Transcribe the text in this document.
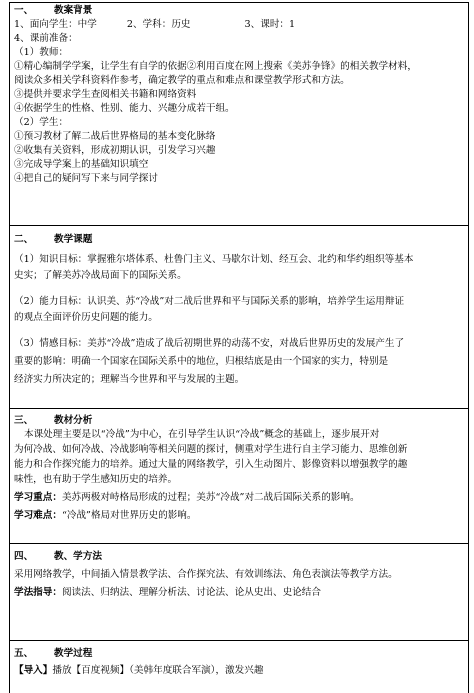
一、 教案背景
1、面向学生：中学	2、学科：历史	3、课时：1
4、课前准备：
（1）教师：
①精心编制学学案，让学生有自学的依据②利用百度在网上搜索《美苏争锋》的相关教学材料，
阅读众多相关学科资料作参考，确定教学的重点和难点和课堂教学形式和方法。
③提供并要求学生查阅相关书籍和网络资料
④依据学生的性格、性别、能力、兴趣分成若干组。
（2）学生：
①预习教材了解二战后世界格局的基本变化脉络
②收集有关资料，形成初期认识，引发学习兴趣
③完成导学案上的基础知识填空
④把自己的疑问写下来与同学探讨
二、 教学课题
（1）知识目标：掌握雅尔塔体系、杜鲁门主义、马歇尔计划、经互会、北约和华约组织等基本
史实；了解美苏冷战局面下的国际关系。
（2）能力目标：认识美、苏“冷战”对二战后世界和平与国际关系的影响，培养学生运用辩证
的观点全面评价历史问题的能力。
（3）情感目标：美苏“冷战”造成了战后初期世界的动荡不安，对战后世界历史的发展产生了
重要的影响：明确一个国家在国际关系中的地位，归根结底是由一个国家的实力，特别是
经济实力所决定的；理解当今世界和平与发展的主题。
三、 教材分析
本课处理主要是以“冷战”为中心，在引导学生认识“冷战”概念的基础上，逐步展开对
为何冷战、如何冷战、冷战影响等相关问题的探讨，侧重对学生进行自主学习能力、思维创新
能力和合作探究能力的培养。通过大量的网络教学，引入生动图片、影像资料以增强教学的趣
味性，也有助于学生感知历史的培养。
学习重点：美苏两极对峙格局形成的过程；美苏“冷战”对二战后国际关系的影响。
学习难点：“冷战”格局对世界历史的影响。
四、 教、学方法
采用网络教学，中间插入情景教学法、合作探究法、有效训练法、角色表演法等教学方法。
学法指导：阅读法、归纳法、理解分析法、讨论法、论从史出、史论结合
五、 教学过程
【导入】播放【百度视频】（美韩年度联合军演），激发兴趣
